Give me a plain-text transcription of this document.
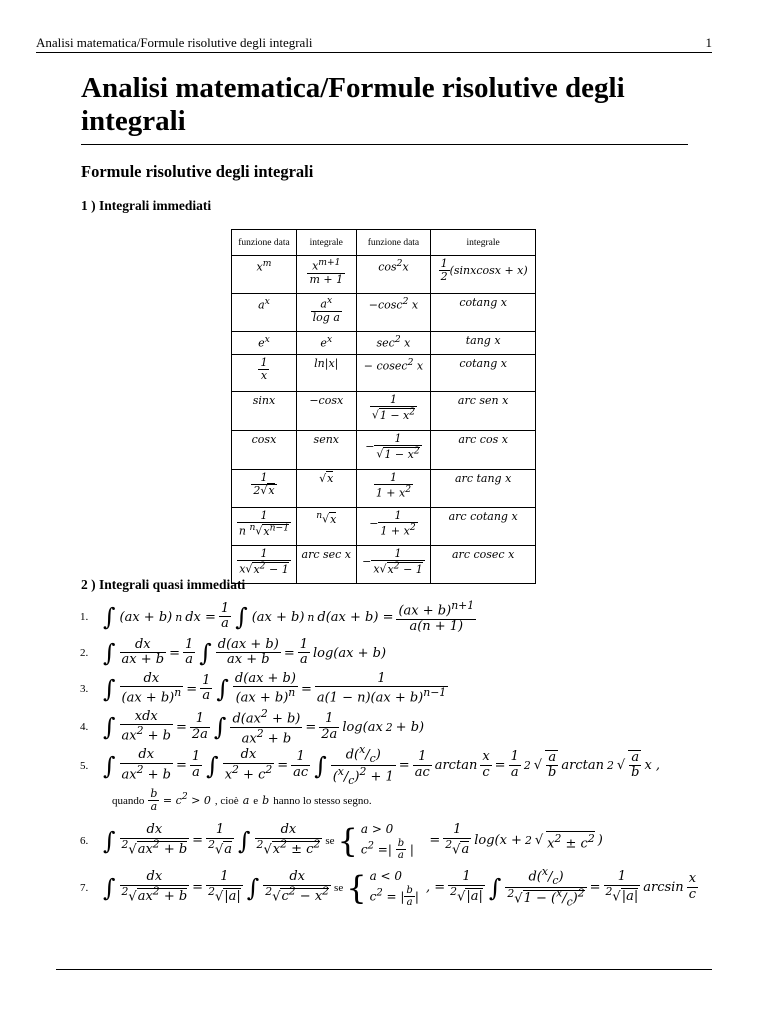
Analisi matematica/Formule risolutive degli integrali	1
Analisi matematica/Formule risolutive degli integrali
Formule risolutive degli integrali
1 ) Integrali immediati
funzione data	integrale	funzione data	integrale
$x^m$	$\frac{x^{m+1}}{m + 1}$	$\cos^2x$	$\frac{1}{2}$ (sinxcosx + x)
$a^x$	$\frac{a^x}{\text{log a}}$	−cosc$^2$ x	cotang x
$e^x$	$e^x$	$\sec^2 x$	tang x

$\frac{1}{x}$	ln|x|	− cosec$^2$ x	cotang x
sinx	−cosx	$\frac{1}{√1 - x^2}$	arc sen x
cosx	senx	− $\frac{1}{√1 - x^2}$	arc cos x

$\frac{1}{2√x}$	√x	$\frac{1}{1 + x^2}$	arc tang x

$\frac{1}{n ^n√x^{n-1}}$	$^n$√x	− $\frac{1}{1 + x^2}$	arc cotang x

$\frac{1}{x√x^2 - 1}$	arc sec x	− $\frac{1}{x√x^2 - 1}$	arc cosec x
2 ) Integrali quasi immediati
1. ∫ (ax + b) n dx = $\frac{1}{a}$ ∫ (ax + b) n $d(ax + b) = \frac{(ax + b)^{n+1}}{a(n + 1)}$
2. ∫ $\frac{dx}{ax + b} = \frac{1}{a}$ ∫ $\frac{d(ax + b)}{ax + b} = \frac{1}{a} \log(ax + b)$
3. ∫ $\frac{dx}{(ax + b)^n} = \frac{1}{a}$ ∫ $\frac{d(ax + b)}{(ax + b)^n} = \frac{1}{a(1 - n)(ax + b)^{n-1}}$
4. ∫ $\frac{\text{xdx}}{ax^2 + b} = \frac{1}{2a}$ ∫ $\frac{d(ax^2 + b)}{ax^2 + b} = \frac{1}{2a} \log(ax$ 2 + b)
5. ∫ $\frac{dx}{ax^2 + b} = \frac{1}{a}$ ∫ $\frac{dx}{x^2 + c^2} = \frac{1}{ac}$ ∫ $\frac{d(^x/_c)}{(^x/_c)^2 + 1} = \frac{1}{ac}$ $\arctan \frac{x}{c} = \frac{1}{a} 2$ √ $\frac{a}{b}$ arctan 2 √ $\frac{a}{b}$ x ,
quando $\frac{b}{a} = c^2 > 0$ , cioè a e b hanno lo stesso segno.
6. ∫ $\frac{dx}{^2√ax^2 + b} = \frac{1}{^2√a}$ ∫ $\frac{dx}{^2√x^2 \pm c^2}$ se { a > 0
$c^2$ =| $\frac{b}{a}$ |
= $\frac{1}{^2√a} \log(x + 2$ √ $x^2 \pm c^2$ )
7. ∫ $\frac{dx}{^2√ax^2 + b} = \frac{1}{^2√|a|}$ ∫ $\frac{dx}{^2√c^2 - x^2}$ se { a < 0
$c^2$ = | $\frac{b}{a}$ |
, = $\frac{1}{^2√|a|}$ ∫ $\frac{d(^x/_c)}{^2√1 - (^x/_c)^2} = \frac{1}{^2√|a|}$ $\arcsin \frac{x}{c}$
